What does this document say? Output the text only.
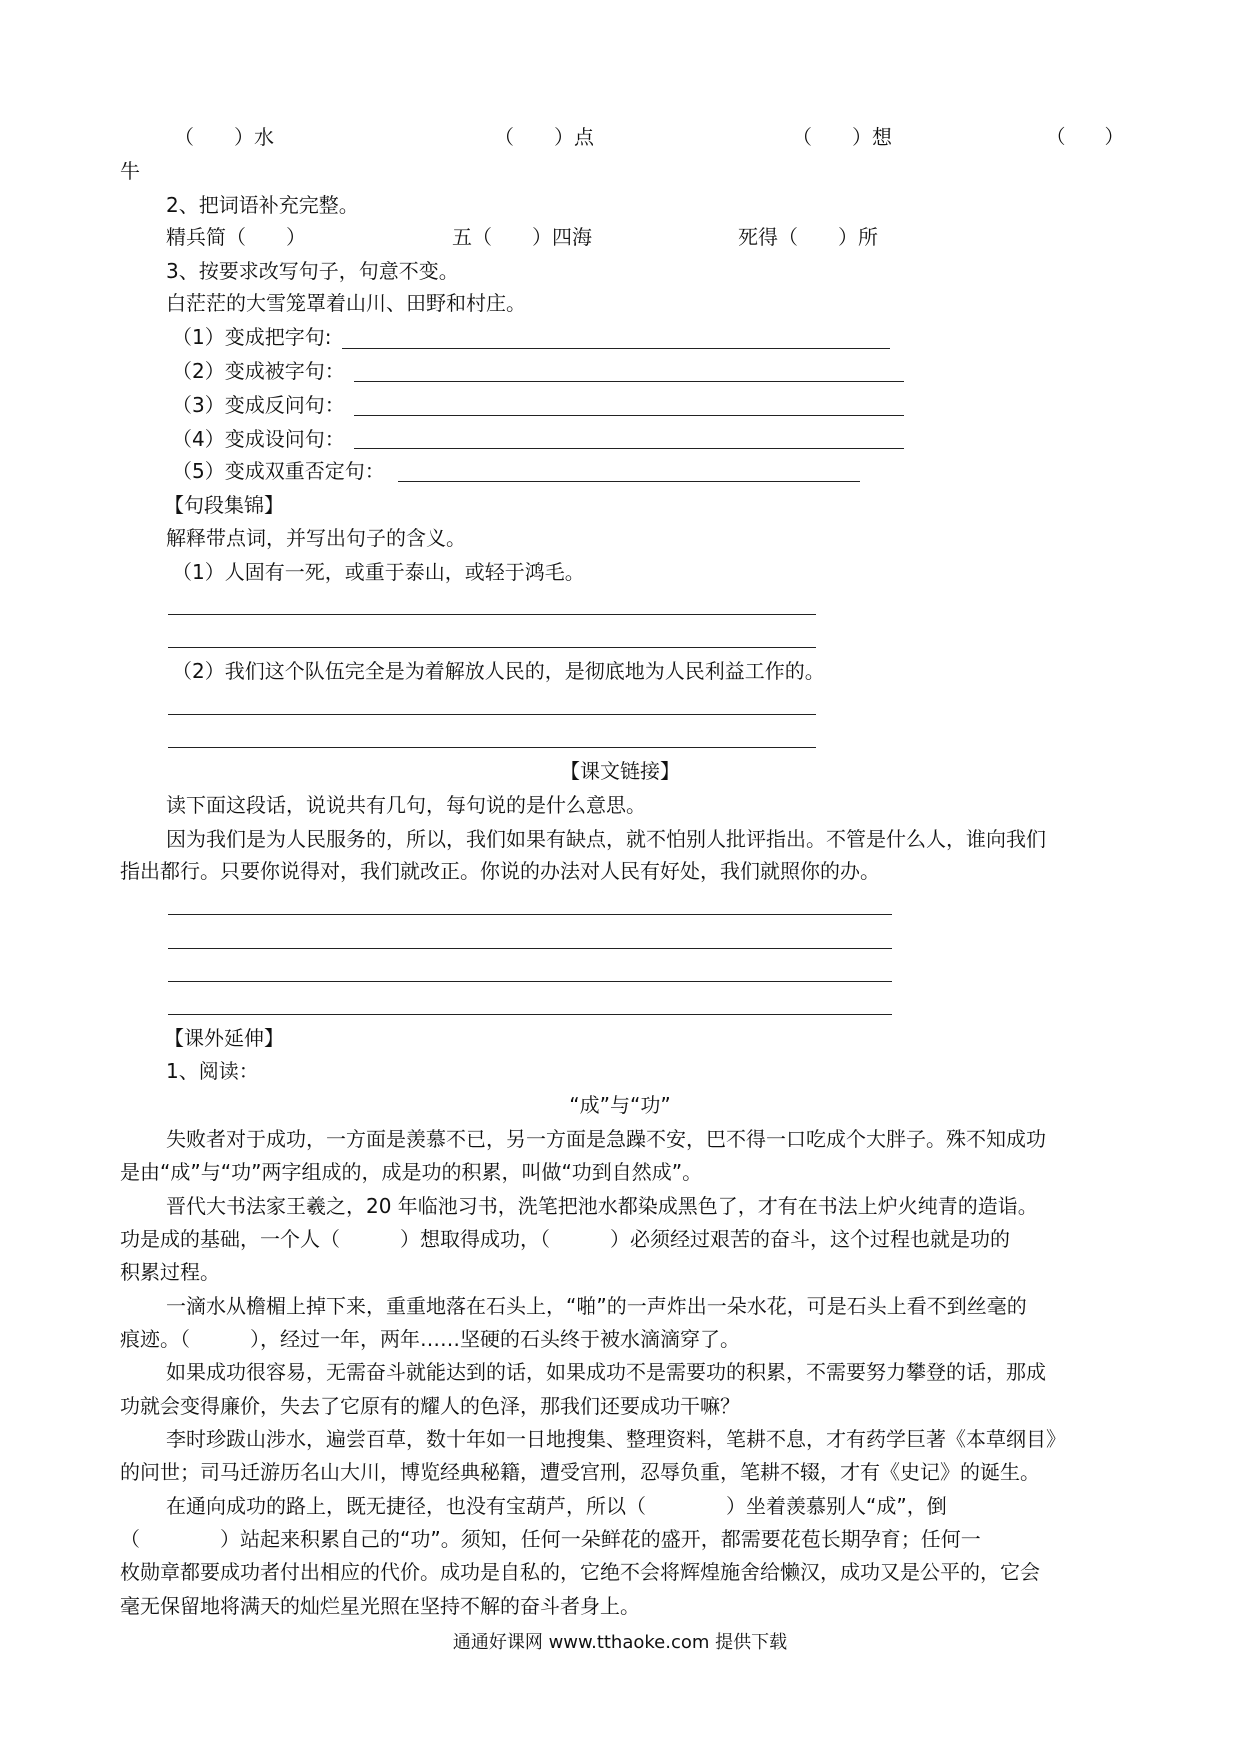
（　　）水	（　　）点	（　　）想	（　　）
牛
2、把词语补充完整。
精兵简（　　）	五（　　）四海	死得（　　）所
3、按要求改写句子，句意不变。
白茫茫的大雪笼罩着山川、田野和村庄。
（1）变成把字句:
（2）变成被字句：
（3）变成反问句：
（4）变成设问句：
（5）变成双重否定句：
【句段集锦】
解释带点词，并写出句子的含义。
（1）人固有一死，或重于泰山，或轻于鸿毛。
（2）我们这个队伍完全是为着解放人民的，是彻底地为人民利益工作的。
【课文链接】
读下面这段话，说说共有几句，每句说的是什么意思。
因为我们是为人民服务的，所以，我们如果有缺点，就不怕别人批评指出。不管是什么人，谁向我们
指出都行。只要你说得对，我们就改正。你说的办法对人民有好处，我们就照你的办。
【课外延伸】
1、阅读：
“成”与“功”
失败者对于成功，一方面是羡慕不已，另一方面是急躁不安，巴不得一口吃成个大胖子。殊不知成功
是由“成”与“功”两字组成的，成是功的积累，叫做“功到自然成”。
晋代大书法家王羲之，20 年临池习书，洗笔把池水都染成黑色了，才有在书法上炉火纯青的造诣。
功是成的基础，一个人（　　　）想取得成功，（　　　）必须经过艰苦的奋斗，这个过程也就是功的
积累过程。
一滴水从檐楣上掉下来，重重地落在石头上，“啪”的一声炸出一朵水花，可是石头上看不到丝毫的
痕迹。（　　　），经过一年，两年……坚硬的石头终于被水滴滴穿了。
如果成功很容易，无需奋斗就能达到的话，如果成功不是需要功的积累，不需要努力攀登的话，那成
功就会变得廉价，失去了它原有的耀人的色泽，那我们还要成功干嘛？
李时珍跋山涉水，遍尝百草，数十年如一日地搜集、整理资料，笔耕不息，才有药学巨著《本草纲目》
的问世；司马迁游历名山大川，博览经典秘籍，遭受宫刑，忍辱负重，笔耕不辍，才有《史记》的诞生。
在通向成功的路上，既无捷径，也没有宝葫芦，所以（　　　　）坐着羡慕别人“成”，倒
（　　　　）站起来积累自己的“功”。须知，任何一朵鲜花的盛开，都需要花苞长期孕育；任何一
枚勋章都要成功者付出相应的代价。成功是自私的，它绝不会将辉煌施舍给懒汉，成功又是公平的，它会
毫无保留地将满天的灿烂星光照在坚持不解的奋斗者身上。
通通好课网 www.tthaoke.com 提供下载
